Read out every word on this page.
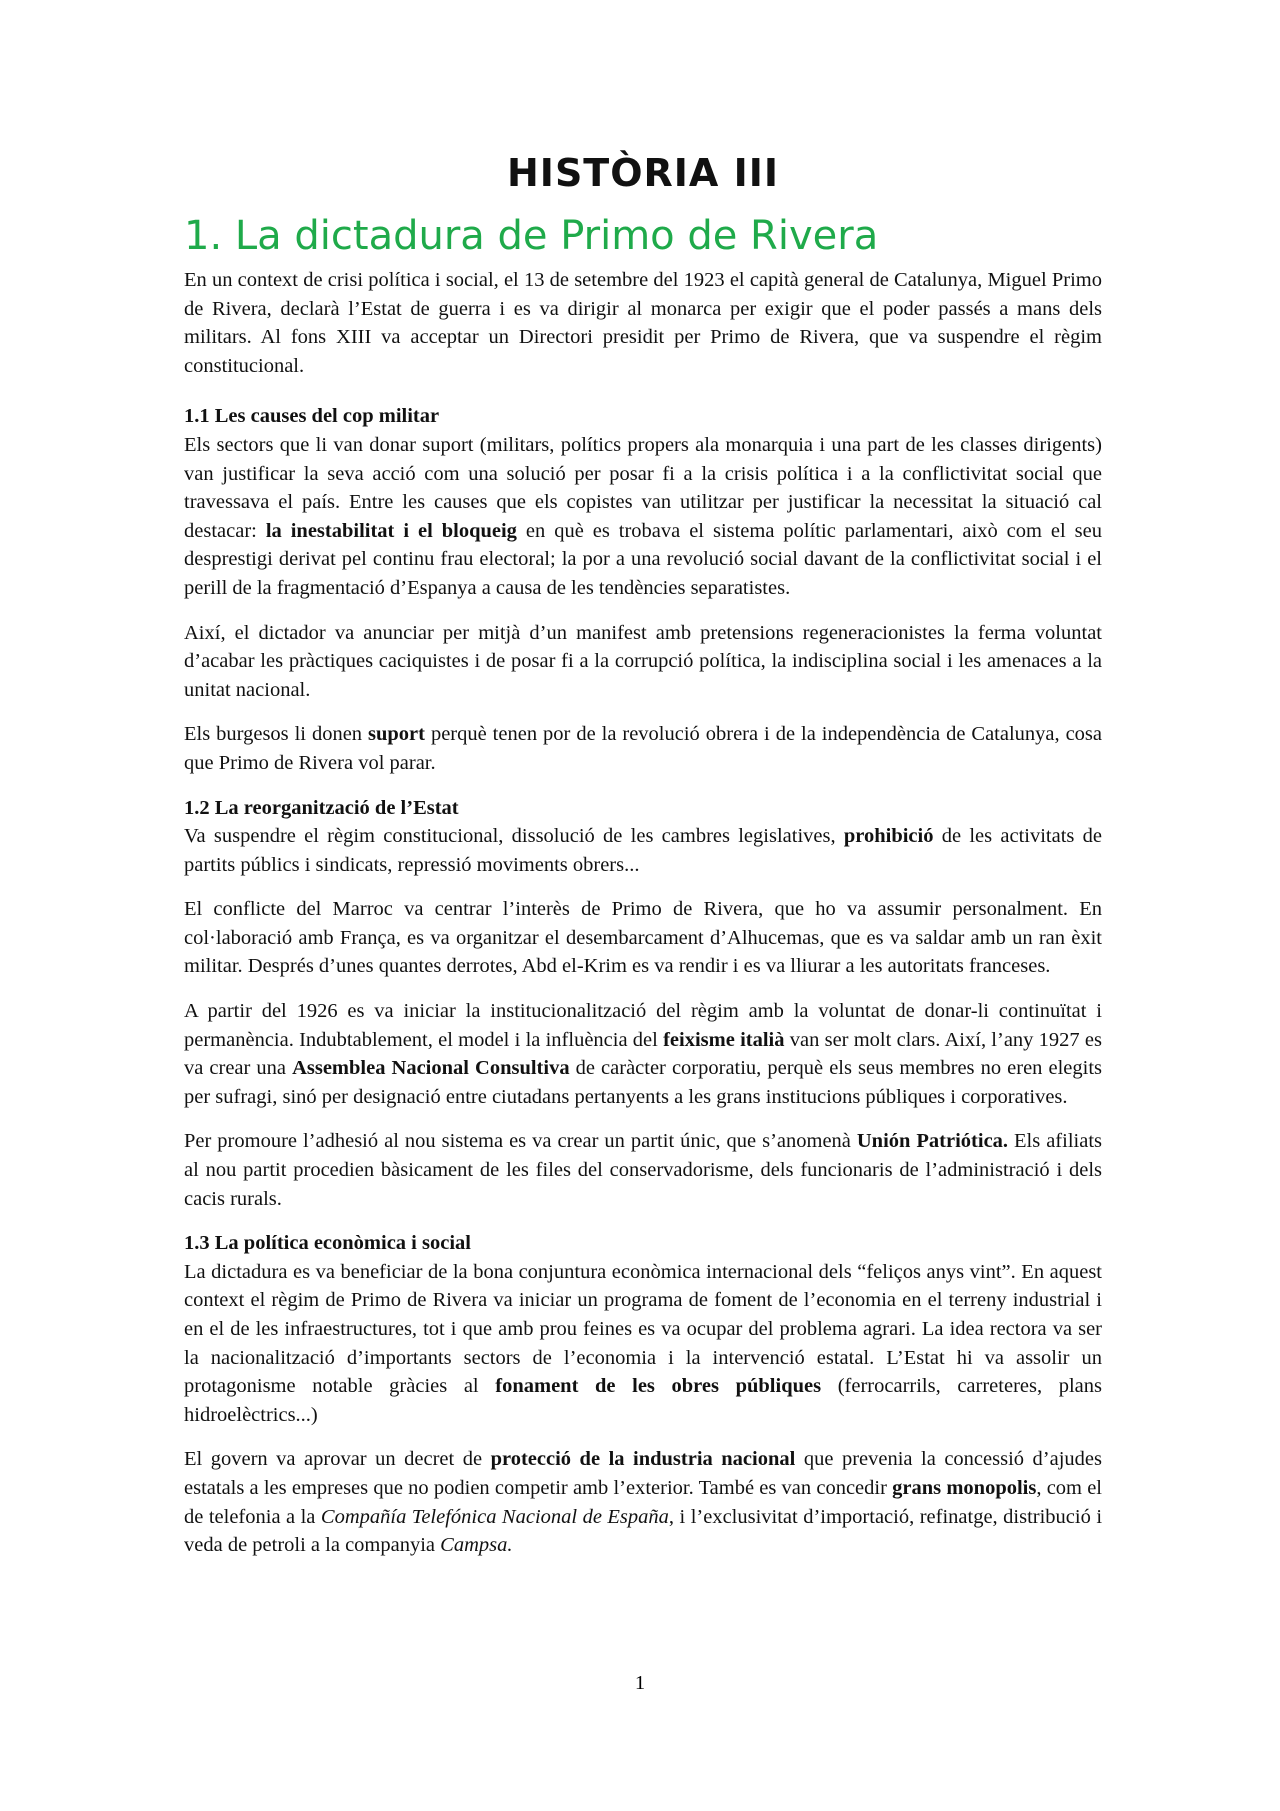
HISTÒRIA III
1. La dictadura de Primo de Rivera

En un context de crisi política i social, el 13 de setembre del 1923 el capità general de Catalunya, Miguel Primo de Rivera, declarà l’Estat de guerra i es va dirigir al monarca per exigir que el poder passés a mans dels militars. Al fons XIII va acceptar un Directori presidit per Primo de Rivera, que va suspendre el règim constitucional.

1.1 Les causes del cop militar

Els sectors que li van donar suport (militars, polítics propers ala monarquia i una part de les classes dirigents) van justificar la seva acció com una solució per posar fi a la crisis política i a la conflictivitat social que travessava el país. Entre les causes que els copistes van utilitzar per justificar la necessitat la situació cal destacar: la inestabilitat i el bloqueig en què es trobava el sistema polític parlamentari, això com el seu desprestigi derivat pel continu frau electoral; la por a una revolució social davant de la conflictivitat social i el perill de la fragmentació d’Espanya a causa de les tendències separatistes.

Així, el dictador va anunciar per mitjà d’un manifest amb pretensions regeneracionistes la ferma voluntat d’acabar les pràctiques caciquistes i de posar fi a la corrupció política, la indisciplina social i les amenaces a la unitat nacional.

Els burgesos li donen suport perquè tenen por de la revolució obrera i de la independència de Catalunya, cosa que Primo de Rivera vol parar.

1.2 La reorganització de l’Estat

Va suspendre el règim constitucional, dissolució de les cambres legislatives, prohibició de les activitats de partits públics i sindicats, repressió moviments obrers...

El conflicte del Marroc va centrar l’interès de Primo de Rivera, que ho va assumir personalment. En col·laboració amb França, es va organitzar el desembarcament d’Alhucemas, que es va saldar amb un ran èxit militar. Després d’unes quantes derrotes, Abd el-Krim es va rendir i es va lliurar a les autoritats franceses.

A partir del 1926 es va iniciar la institucionalització del règim amb la voluntat de donar-li continuïtat i permanència. Indubtablement, el model i la influència del feixisme italià van ser molt clars. Així, l’any 1927 es va crear una Assemblea Nacional Consultiva de caràcter corporatiu, perquè els seus membres no eren elegits per sufragi, sinó per designació entre ciutadans pertanyents a les grans institucions públiques i corporatives.

Per promoure l’adhesió al nou sistema es va crear un partit únic, que s’anomenà Unión Patriótica. Els afiliats al nou partit procedien bàsicament de les files del conservadorisme, dels funcionaris de l’administració i dels cacis rurals.

1.3 La política econòmica i social

La dictadura es va beneficiar de la bona conjuntura econòmica internacional dels “feliços anys vint”. En aquest context el règim de Primo de Rivera va iniciar un programa de foment de l’economia en el terreny industrial i en el de les infraestructures, tot i que amb prou feines es va ocupar del problema agrari. La idea rectora va ser la nacionalització d’importants sectors de l’economia i la intervenció estatal. L’Estat hi va assolir un protagonisme notable gràcies al fonament de les obres públiques (ferrocarrils, carreteres, plans hidroelèctrics...)

El govern va aprovar un decret de protecció de la industria nacional que prevenia la concessió d’ajudes estatals a les empreses que no podien competir amb l’exterior. També es van concedir grans monopolis, com el de telefonia a la Compañía Telefónica Nacional de España, i l’exclusivitat d’importació, refinatge, distribució i veda de petroli a la companyia Campsa.

1
